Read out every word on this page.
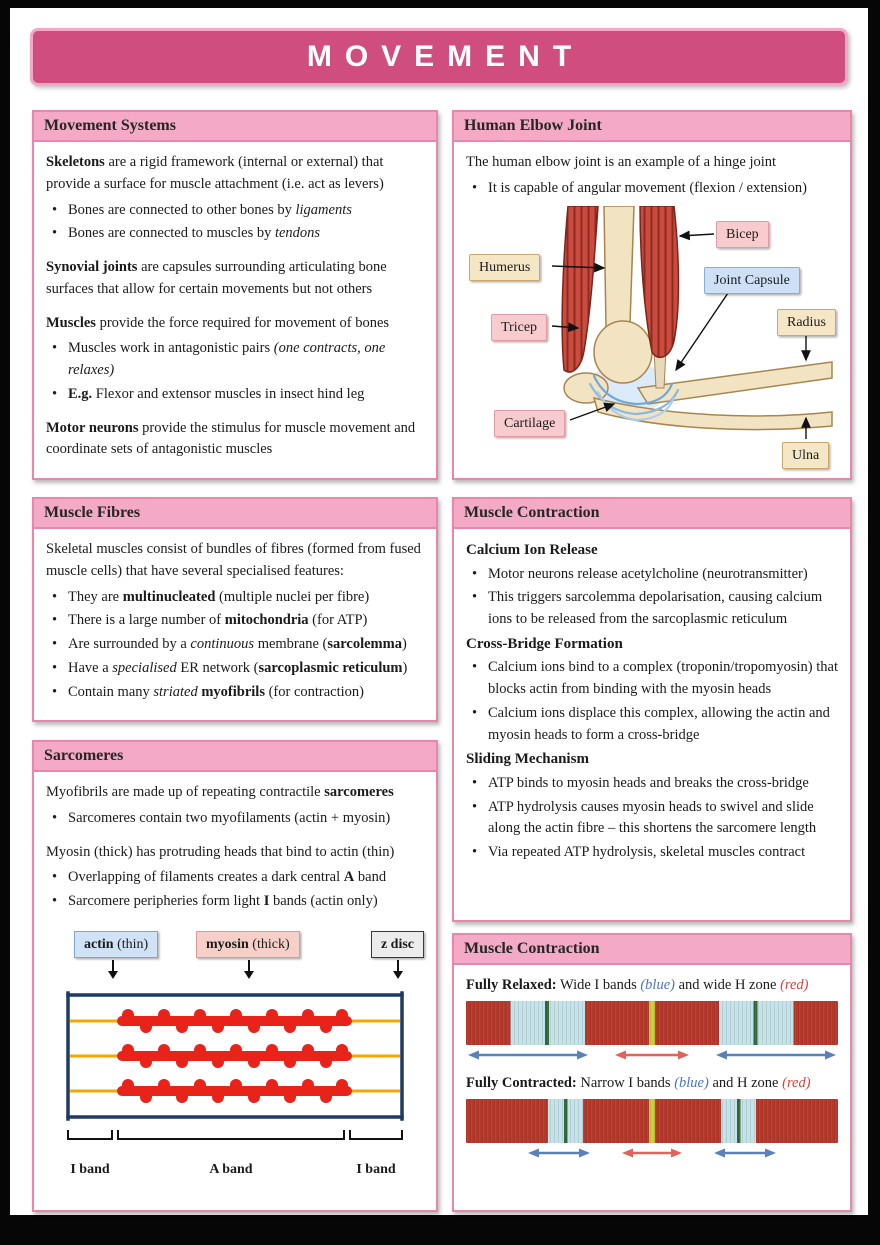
MOVEMENT
Movement Systems

Skeletons are a rigid framework (internal or external) that provide a surface for muscle attachment (i.e. act as levers)

• Bones are connected to other bones by ligaments
• Bones are connected to muscles by tendons

Synovial joints are capsules surrounding articulating bone surfaces that allow for certain movements but not others

Muscles provide the force required for movement of bones

• Muscles work in antagonistic pairs (one contracts, one relaxes)
• E.g. Flexor and extensor muscles in insect hind leg

Motor neurons provide the stimulus for muscle movement and coordinate sets of antagonistic muscles

Human Elbow Joint

The human elbow joint is an example of a hinge joint

• It is capable of angular movement (flexion / extension)
Humerus
Bicep
Joint Capsule
Tricep	Radius
Cartilage
Ulna
Muscle Fibres

Skeletal muscles consist of bundles of fibres (formed from fused muscle cells) that have several specialised features:

• They are multinucleated (multiple nuclei per fibre)
• There is a large number of mitochondria (for ATP)
• Are surrounded by a continuous membrane (sarcolemma)
• Have a specialised ER network (sarcoplasmic reticulum)
• Contain many striated myofibrils (for contraction)
Muscle Contraction
Calcium Ion Release
• Motor neurons release acetylcholine (neurotransmitter)
• This triggers sarcolemma depolarisation, causing calcium ions to be released from the sarcoplasmic reticulum
Cross-Bridge Formation
• Calcium ions bind to a complex (troponin/tropomyosin) that blocks actin from binding with the myosin heads
• Calcium ions displace this complex, allowing the actin and myosin heads to form a cross-bridge
Sliding Mechanism
• ATP binds to myosin heads and breaks the cross-bridge
• ATP hydrolysis causes myosin heads to swivel and slide along the actin fibre – this shortens the sarcomere length
• Via repeated ATP hydrolysis, skeletal muscles contract
Sarcomeres

Myofibrils are made up of repeating contractile sarcomeres

• Sarcomeres contain two myofilaments (actin + myosin)

Myosin (thick) has protruding heads that bind to actin (thin)

• Overlapping of filaments creates a dark central A band
• Sarcomere peripheries form light I bands (actin only)
actin (thin)	myosin (thick)	z disc
I band	A band	I band
Muscle Contraction

Fully Relaxed: Wide I bands (blue) and wide H zone (red)

Fully Contracted: Narrow I bands (blue) and H zone (red)
